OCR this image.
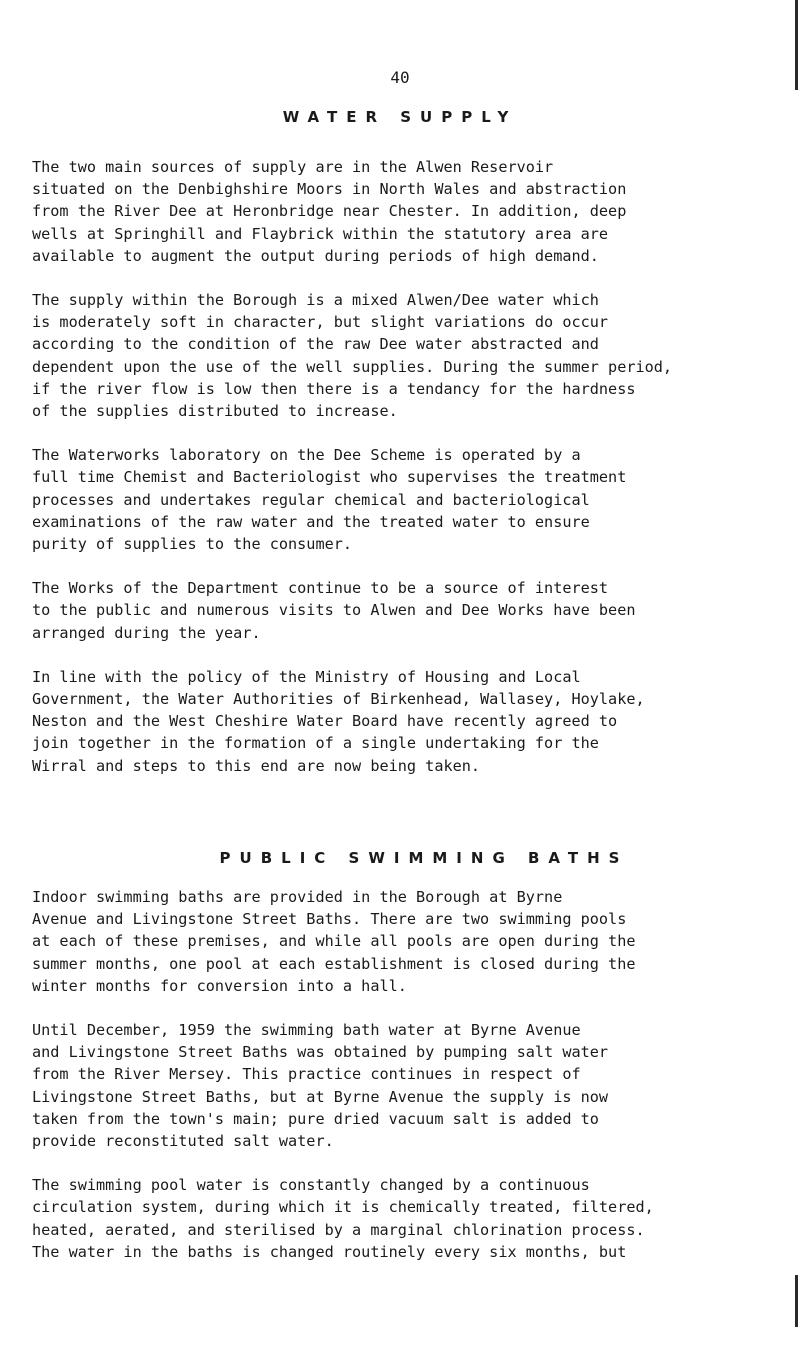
40
WATER SUPPLY
The two main sources of supply are in the Alwen Reservoir
situated on the Denbighshire Moors in North Wales and abstraction
from the River Dee at Heronbridge near Chester. In addition, deep
wells at Springhill and Flaybrick within the statutory area are
available to augment the output during periods of high demand.
The supply within the Borough is a mixed Alwen/Dee water which
is moderately soft in character, but slight variations do occur
according to the condition of the raw Dee water abstracted and
dependent upon the use of the well supplies. During the summer period,
if the river flow is low then there is a tendancy for the hardness
of the supplies distributed to increase.
The Waterworks laboratory on the Dee Scheme is operated by a
full time Chemist and Bacteriologist who supervises the treatment
processes and undertakes regular chemical and bacteriological
examinations of the raw water and the treated water to ensure
purity of supplies to the consumer.
The Works of the Department continue to be a source of interest
to the public and numerous visits to Alwen and Dee Works have been
arranged during the year.
In line with the policy of the Ministry of Housing and Local
Government, the Water Authorities of Birkenhead, Wallasey, Hoylake,
Neston and the West Cheshire Water Board have recently agreed to
join together in the formation of a single undertaking for the
Wirral and steps to this end are now being taken.
PUBLIC SWIMMING BATHS
Indoor swimming baths are provided in the Borough at Byrne
Avenue and Livingstone Street Baths. There are two swimming pools
at each of these premises, and while all pools are open during the
summer months, one pool at each establishment is closed during the
winter months for conversion into a hall.
Until December, 1959 the swimming bath water at Byrne Avenue
and Livingstone Street Baths was obtained by pumping salt water
from the River Mersey. This practice continues in respect of
Livingstone Street Baths, but at Byrne Avenue the supply is now
taken from the town's main; pure dried vacuum salt is added to
provide reconstituted salt water.
The swimming pool water is constantly changed by a continuous
circulation system, during which it is chemically treated, filtered,
heated, aerated, and sterilised by a marginal chlorination process.
The water in the baths is changed routinely every six months, but
